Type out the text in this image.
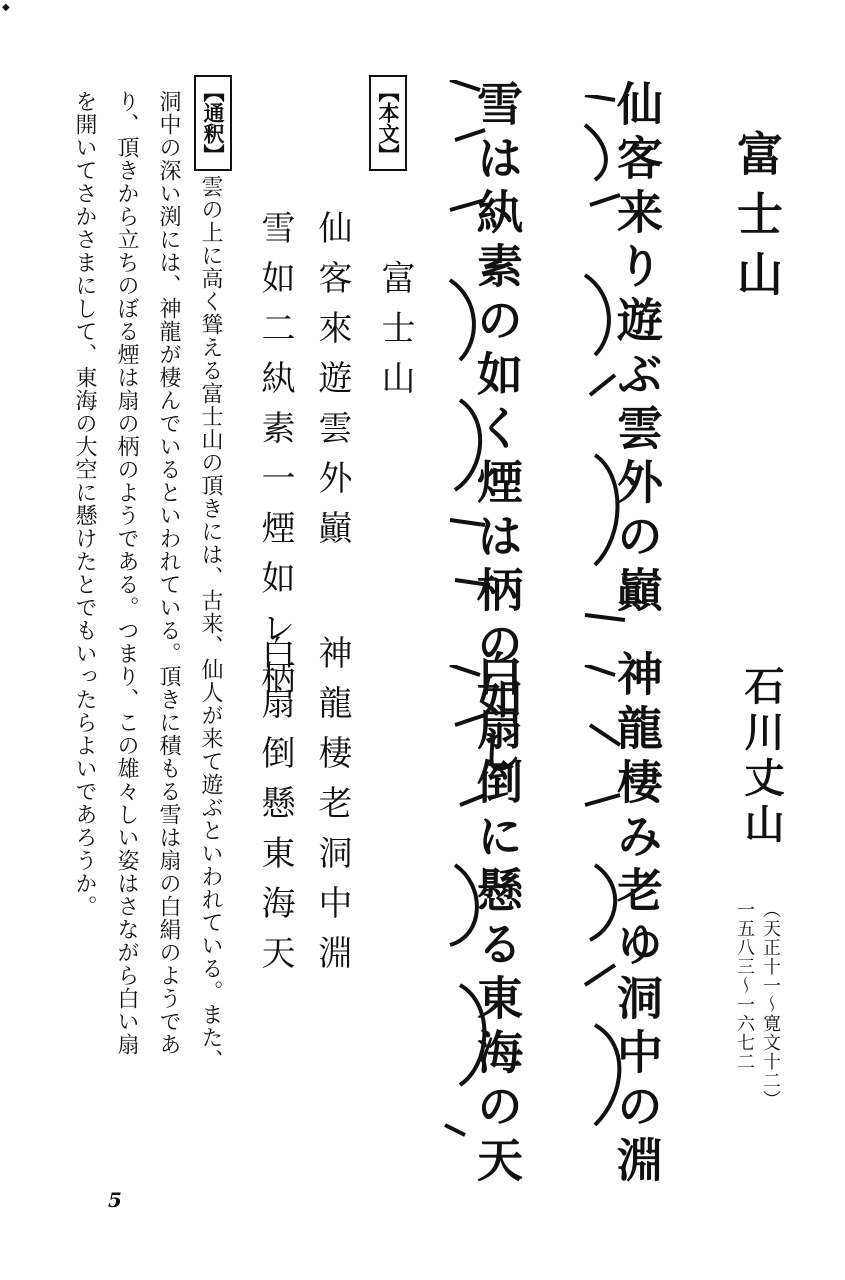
◆
富士山
石川丈山
（天正十一〜寛文十二）
一五八三〜一六七二
仙客来り遊ぶ雲外の巓
神龍棲み老ゆ洞中の淵
雪は紈素の如く煙は柄の如し
白扇倒に懸る東海の天
【本文】
富士山
仙客來遊雲外巓
神龍棲老洞中淵
雪如二紈素一煙如レ柄
白扇倒懸東海天
【通釈】
雲の上に高く聳える富士山の頂きには、古来、仙人が来て遊ぶといわれている。また、
洞中の深い渕には、神龍が棲んでいるといわれている。頂きに積もる雪は扇の白絹のようであ
り、頂きから立ちのぼる煙は扇の柄のようである。つまり、この雄々しい姿はさながら白い扇
を開いてさかさまにして、東海の大空に懸けたとでもいったらよいであろうか。
5
